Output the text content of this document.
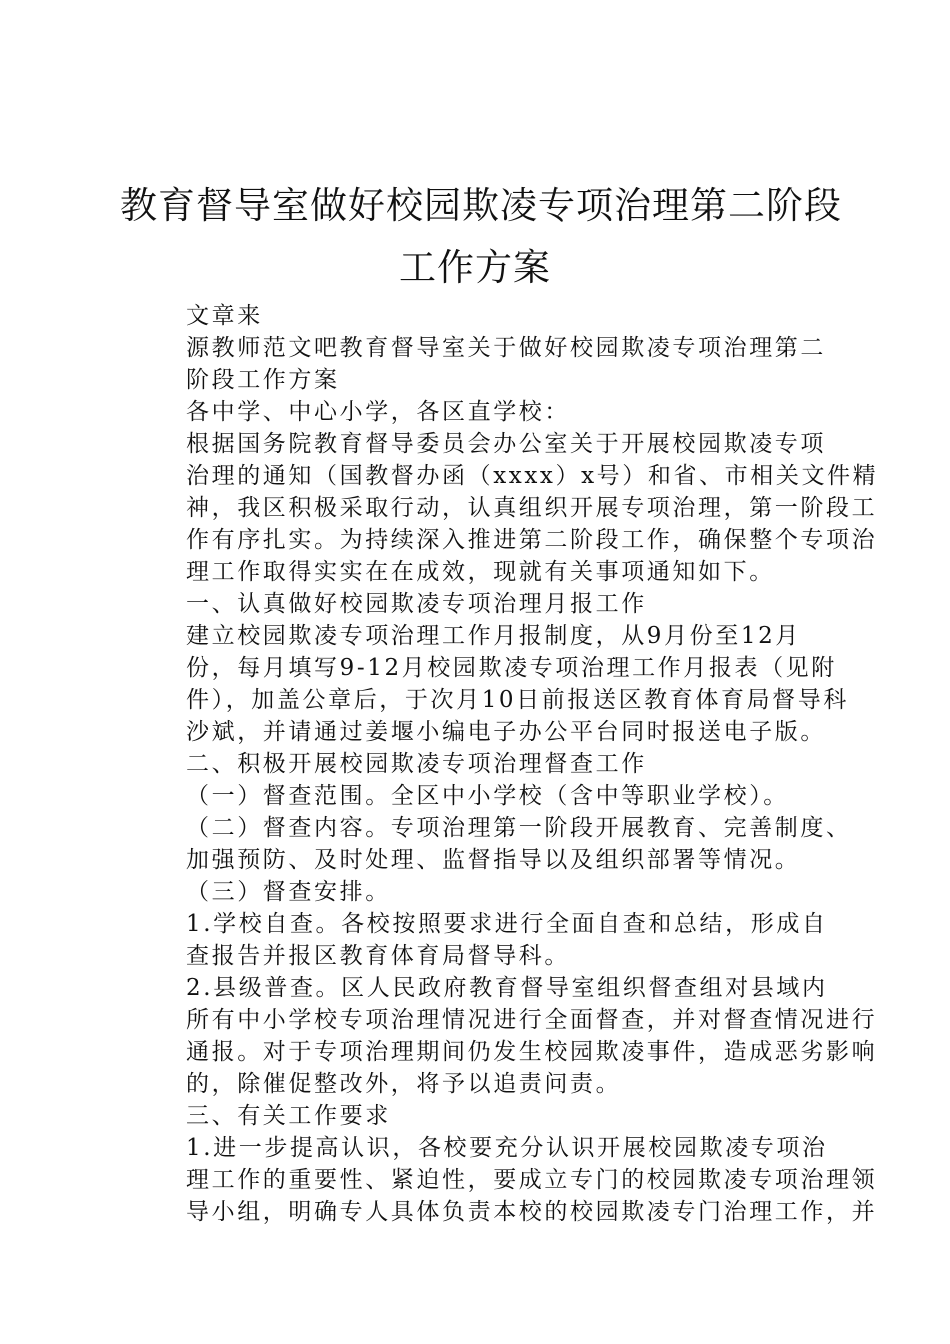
教育督导室做好校园欺凌专项治理第二阶段
工作方案

文章来

源教师范文吧教育督导室关于做好校园欺凌专项治理第二
阶段工作方案

各中学、中心小学，各区直学校：

根据国务院教育督导委员会办公室关于开展校园欺凌专项
治理的通知（国教督办函（xxxx）x号）和省、市相关文件精
神，我区积极采取行动，认真组织开展专项治理，第一阶段工
作有序扎实。为持续深入推进第二阶段工作，确保整个专项治
理工作取得实实在在成效，现就有关事项通知如下。

一、认真做好校园欺凌专项治理月报工作

建立校园欺凌专项治理工作月报制度，从9月份至12月
份，每月填写9-12月校园欺凌专项治理工作月报表（见附
件），加盖公章后，于次月10日前报送区教育体育局督导科
沙斌，并请通过姜堰小编电子办公平台同时报送电子版。

二、积极开展校园欺凌专项治理督查工作

（一）督查范围。全区中小学校（含中等职业学校）。

（二）督查内容。专项治理第一阶段开展教育、完善制度、
加强预防、及时处理、监督指导以及组织部署等情况。

（三）督查安排。

1.学校自查。各校按照要求进行全面自查和总结，形成自
查报告并报区教育体育局督导科。

2.县级普查。区人民政府教育督导室组织督查组对县域内
所有中小学校专项治理情况进行全面督查，并对督查情况进行
通报。对于专项治理期间仍发生校园欺凌事件，造成恶劣影响
的，除催促整改外，将予以追责问责。

三、有关工作要求

1.进一步提高认识，各校要充分认识开展校园欺凌专项治
理工作的重要性、紧迫性，要成立专门的校园欺凌专项治理领
导小组，明确专人具体负责本校的校园欺凌专门治理工作，并
